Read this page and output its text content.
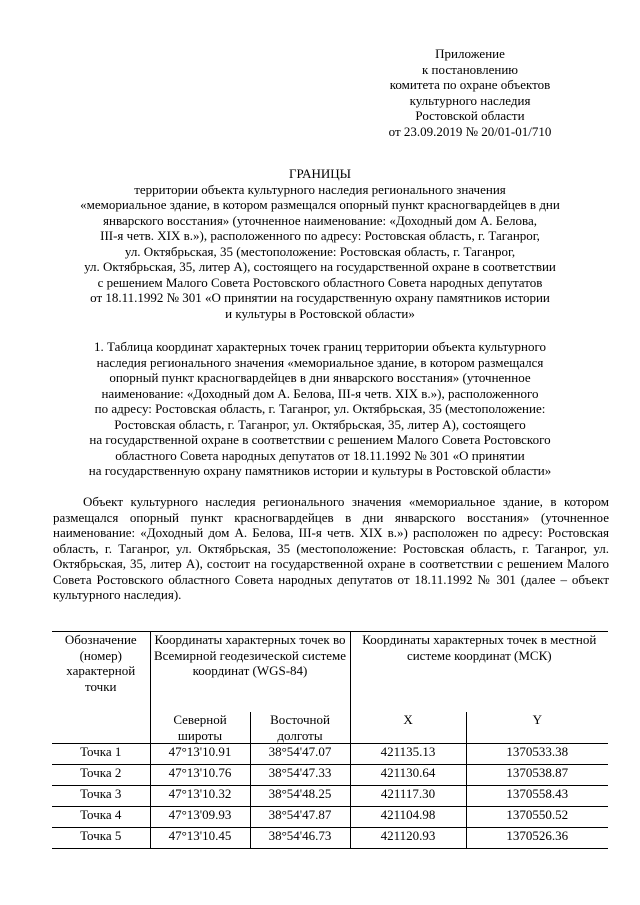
Приложение
к постановлению
комитета по охране объектов
культурного наследия
Ростовской области
от 23.09.2019 № 20/01-01/710
ГРАНИЦЫ
территории объекта культурного наследия регионального значения
«мемориальное здание, в котором размещался опорный пункт красногвардейцев в дни
январского восстания» (уточненное наименование: «Доходный дом А. Белова,
III-я четв. XIX в.»), расположенного по адресу: Ростовская область, г. Таганрог,
ул. Октябрьская, 35 (местоположение: Ростовская область, г. Таганрог,
ул. Октябрьская, 35, литер А), состоящего на государственной охране в соответствии
с решением Малого Совета Ростовского областного Совета народных депутатов
от 18.11.1992 № 301 «О принятии на государственную охрану памятников истории
и культуры в Ростовской области»
1. Таблица координат характерных точек границ территории объекта культурного
наследия регионального значения «мемориальное здание, в котором размещался
опорный пункт красногвардейцев в дни январского восстания» (уточненное
наименование: «Доходный дом А. Белова, III-я четв. XIX в.»), расположенного
по адресу: Ростовская область, г. Таганрог, ул. Октябрьская, 35 (местоположение:
Ростовская область, г. Таганрог, ул. Октябрьская, 35, литер А), состоящего
на государственной охране в соответствии с решением Малого Совета Ростовского
областного Совета народных депутатов от 18.11.1992 № 301 «О принятии
на государственную охрану памятников истории и культуры в Ростовской области»

Объект культурного наследия регионального значения «мемориальное здание, в котором размещался опорный пункт красногвардейцев в дни январского восстания» (уточненное наименование: «Доходный дом А. Белова, III-я четв. XIX в.») расположен по адресу: Ростовская область, г. Таганрог, ул. Октябрьская, 35 (местоположение: Ростовская область, г. Таганрог, ул. Октябрьская, 35, литер А), состоит на государственной охране в соответствии с решением Малого Совета Ростовского областного Совета народных депутатов от 18.11.1992 № 301 (далее – объект культурного наследия).

Обозначение (номер) характерной точки	Координаты характерных точек во Всемирной геодезической системе координат (WGS-84)		Координаты характерных точек в местной системе координат (МСК)	
	Северной широты	Восточной долготы	X	Y
Точка 1	47°13'10.91	38°54'47.07	421135.13	1370533.38
Точка 2	47°13'10.76	38°54'47.33	421130.64	1370538.87
Точка 3	47°13'10.32	38°54'48.25	421117.30	1370558.43
Точка 4	47°13'09.93	38°54'47.87	421104.98	1370550.52
Точка 5	47°13'10.45	38°54'46.73	421120.93	1370526.36
